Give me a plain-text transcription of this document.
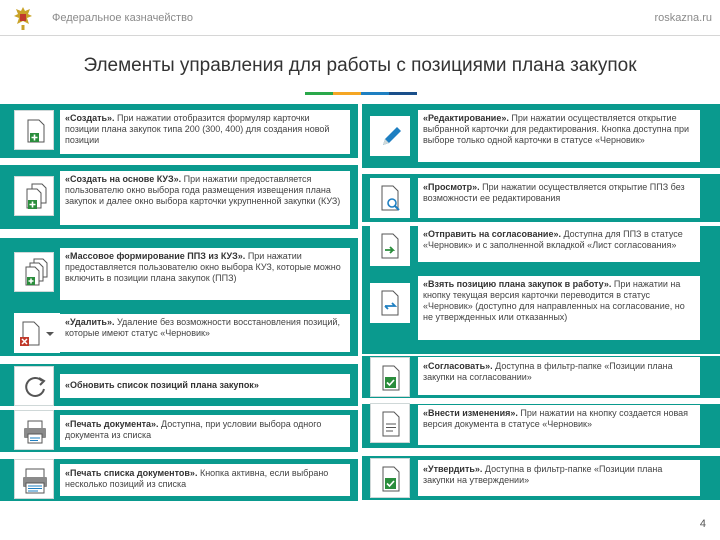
Федеральное казначейство	roskazna.ru
Элементы управления для работы с позициями плана закупок
«Создать». При нажатии отобразится формуляр карточки позиции плана закупок типа 200 (300, 400) для создания новой позиции
«Создать на основе КУЗ». При нажатии предоставляется пользователю окно выбора года размещения извещения плана закупок и далее окно выбора карточки укрупненной закупки (КУЗ)
«Массовое формирование ППЗ из КУЗ». При нажатии предоставляется пользователю окно выбора КУЗ, которые можно включить в позиции плана закупок (ППЗ)
«Удалить». Удаление без возможности восстановления позиций, которые имеют статус «Черновик»
«Обновить список позиций плана закупок»
«Печать документа». Доступна, при условии выбора одного документа из списка
«Печать списка документов». Кнопка активна, если выбрано несколько позиций из списка
«Редактирование». При нажатии осуществляется открытие выбранной карточки для редактирования. Кнопка доступна при выборе только одной карточки в статусе «Черновик»
«Просмотр». При нажатии осуществляется открытие ППЗ без возможности ее редактирования
«Отправить на согласование». Доступна для ППЗ в статусе «Черновик» и с заполненной вкладкой «Лист согласования»
«Взять позицию плана закупок в работу». При нажатии на кнопку текущая версия карточки переводится в статус «Черновик» (доступно для направленных на согласование, но не утвержденных или отказанных)
«Согласовать». Доступна в фильтр-папке «Позиции плана закупки на согласовании»
«Внести изменения». При нажатии на кнопку создается новая версия документа в статусе «Черновик»
«Утвердить». Доступна в фильтр-папке «Позиции плана закупки на утверждении»
4
